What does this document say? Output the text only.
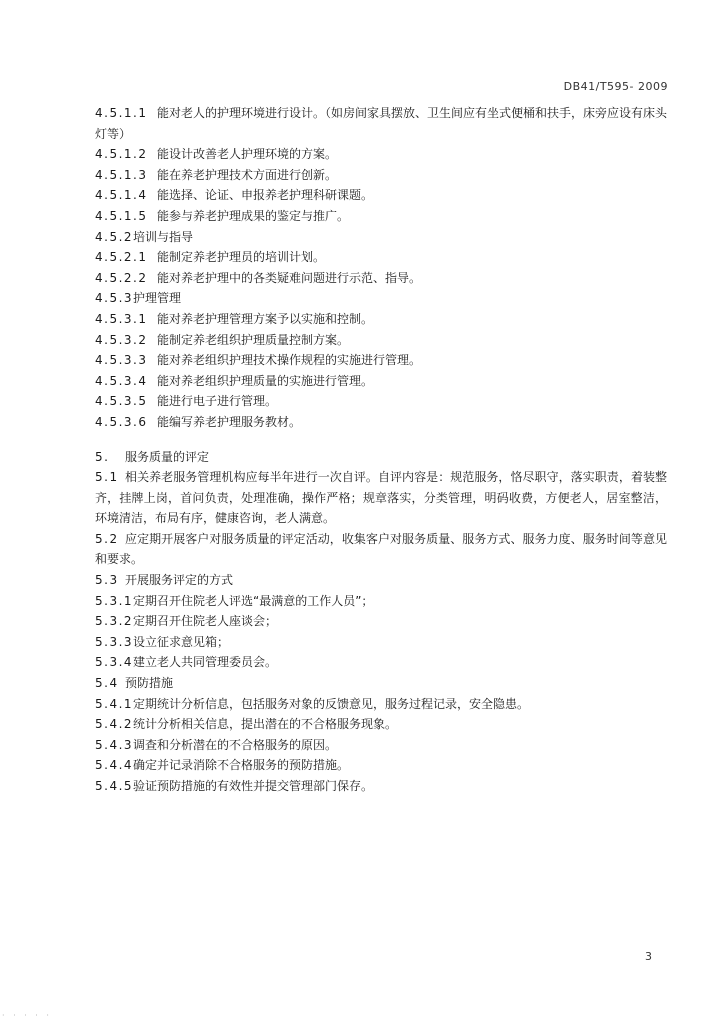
DB41/T595- 2009
4.5.1.1 能对老人的护理环境进行设计。（如房间家具摆放、卫生间应有坐式便桶和扶手，床旁应设有床头灯等）
4.5.1.2 能设计改善老人护理环境的方案。
4.5.1.3 能在养老护理技术方面进行创新。
4.5.1.4 能选择、论证、申报养老护理科研课题。
4.5.1.5 能参与养老护理成果的鉴定与推广。
4.5.2培训与指导
4.5.2.1 能制定养老护理员的培训计划。
4.5.2.2 能对养老护理中的各类疑难问题进行示范、指导。
4.5.3护理管理
4.5.3.1 能对养老护理管理方案予以实施和控制。
4.5.3.2 能制定养老组织护理质量控制方案。
4.5.3.3 能对养老组织护理技术操作规程的实施进行管理。
4.5.3.4 能对养老组织护理质量的实施进行管理。
4.5.3.5 能进行电子进行管理。
4.5.3.6 能编写养老护理服务教材。
5. 服务质量的评定
5.1 相关养老服务管理机构应每半年进行一次自评。自评内容是：规范服务，恪尽职守，落实职责，着装整齐，挂牌上岗，首问负责，处理准确，操作严格；规章落实，分类管理，明码收费，方便老人，居室整洁，环境清洁，布局有序，健康咨询，老人满意。
5.2 应定期开展客户对服务质量的评定活动，收集客户对服务质量、服务方式、服务力度、服务时间等意见和要求。
5.3 开展服务评定的方式
5.3.1定期召开住院老人评选“最满意的工作人员”；
5.3.2定期召开住院老人座谈会；
5.3.3设立征求意见箱；
5.3.4建立老人共同管理委员会。
5.4 预防措施
5.4.1定期统计分析信息，包括服务对象的反馈意见，服务过程记录，安全隐患。
5.4.2统计分析相关信息，提出潜在的不合格服务现象。
5.4.3调查和分析潜在的不合格服务的原因。
5.4.4确定并记录消除不合格服务的预防措施。
5.4.5验证预防措施的有效性并提交管理部门保存。
3
· · · · ·
